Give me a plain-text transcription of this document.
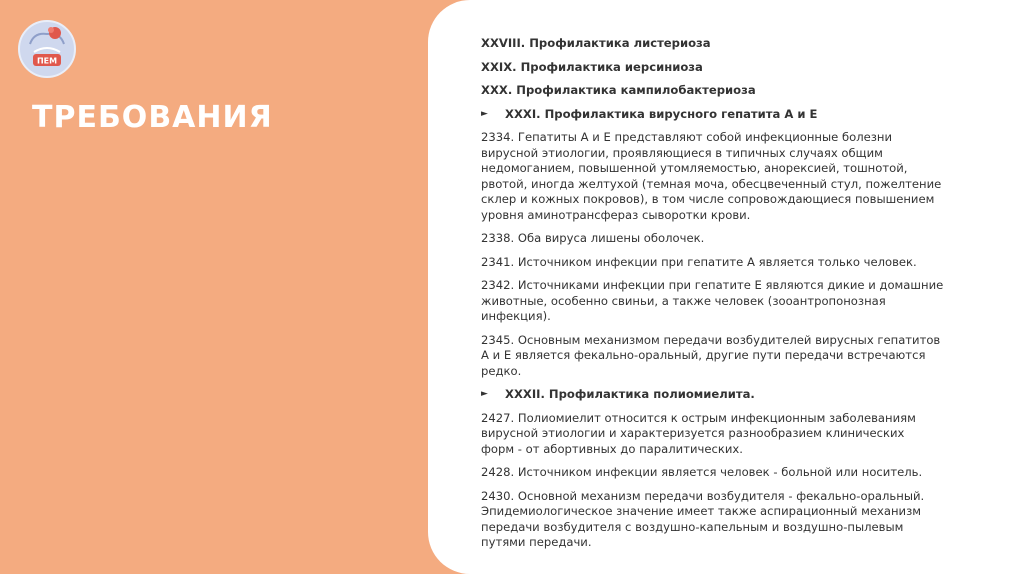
ПЕМ
ТРЕБОВАНИЯ
XXVIII. Профилактика листериоза
XXIX. Профилактика иерсиниоза
XXX. Профилактика кампилобактериоза
► XXXI. Профилактика вирусного гепатита А и Е
2334. Гепатиты А и Е представляют собой инфекционные болезни
вирусной этиологии, проявляющиеся в типичных случаях общим
недомоганием, повышенной утомляемостью, анорексией, тошнотой,
рвотой, иногда желтухой (темная моча, обесцвеченный стул, пожелтение
склер и кожных покровов), в том числе сопровождающиеся повышением
уровня аминотрансфераз сыворотки крови.
2338. Оба вируса лишены оболочек.
2341. Источником инфекции при гепатите А является только человек.
2342. Источниками инфекции при гепатите Е являются дикие и домашние
животные, особенно свиньи, а также человек (зооантропонозная
инфекция).
2345. Основным механизмом передачи возбудителей вирусных гепатитов
А и Е является фекально-оральный, другие пути передачи встречаются
редко.
► XXXII. Профилактика полиомиелита.
2427. Полиомиелит относится к острым инфекционным заболеваниям
вирусной этиологии и характеризуется разнообразием клинических
форм - от абортивных до паралитических.
2428. Источником инфекции является человек - больной или носитель.
2430. Основной механизм передачи возбудителя - фекально-оральный.
Эпидемиологическое значение имеет также аспирационный механизм
передачи возбудителя с воздушно-капельным и воздушно-пылевым
путями передачи.
